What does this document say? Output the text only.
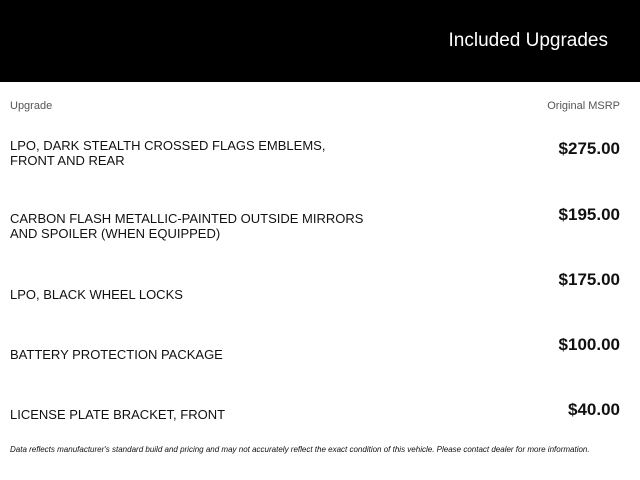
Included Upgrades
Upgrade	Original MSRP
LPO, DARK STEALTH CROSSED FLAGS EMBLEMS, FRONT AND REAR
$275.00
CARBON FLASH METALLIC-PAINTED OUTSIDE MIRRORS AND SPOILER (WHEN EQUIPPED)
$195.00
LPO, BLACK WHEEL LOCKS
$175.00
BATTERY PROTECTION PACKAGE
$100.00
LICENSE PLATE BRACKET, FRONT	$40.00
Data reflects manufacturer's standard build and pricing and may not accurately reflect the exact condition of this vehicle. Please contact dealer for more information.
